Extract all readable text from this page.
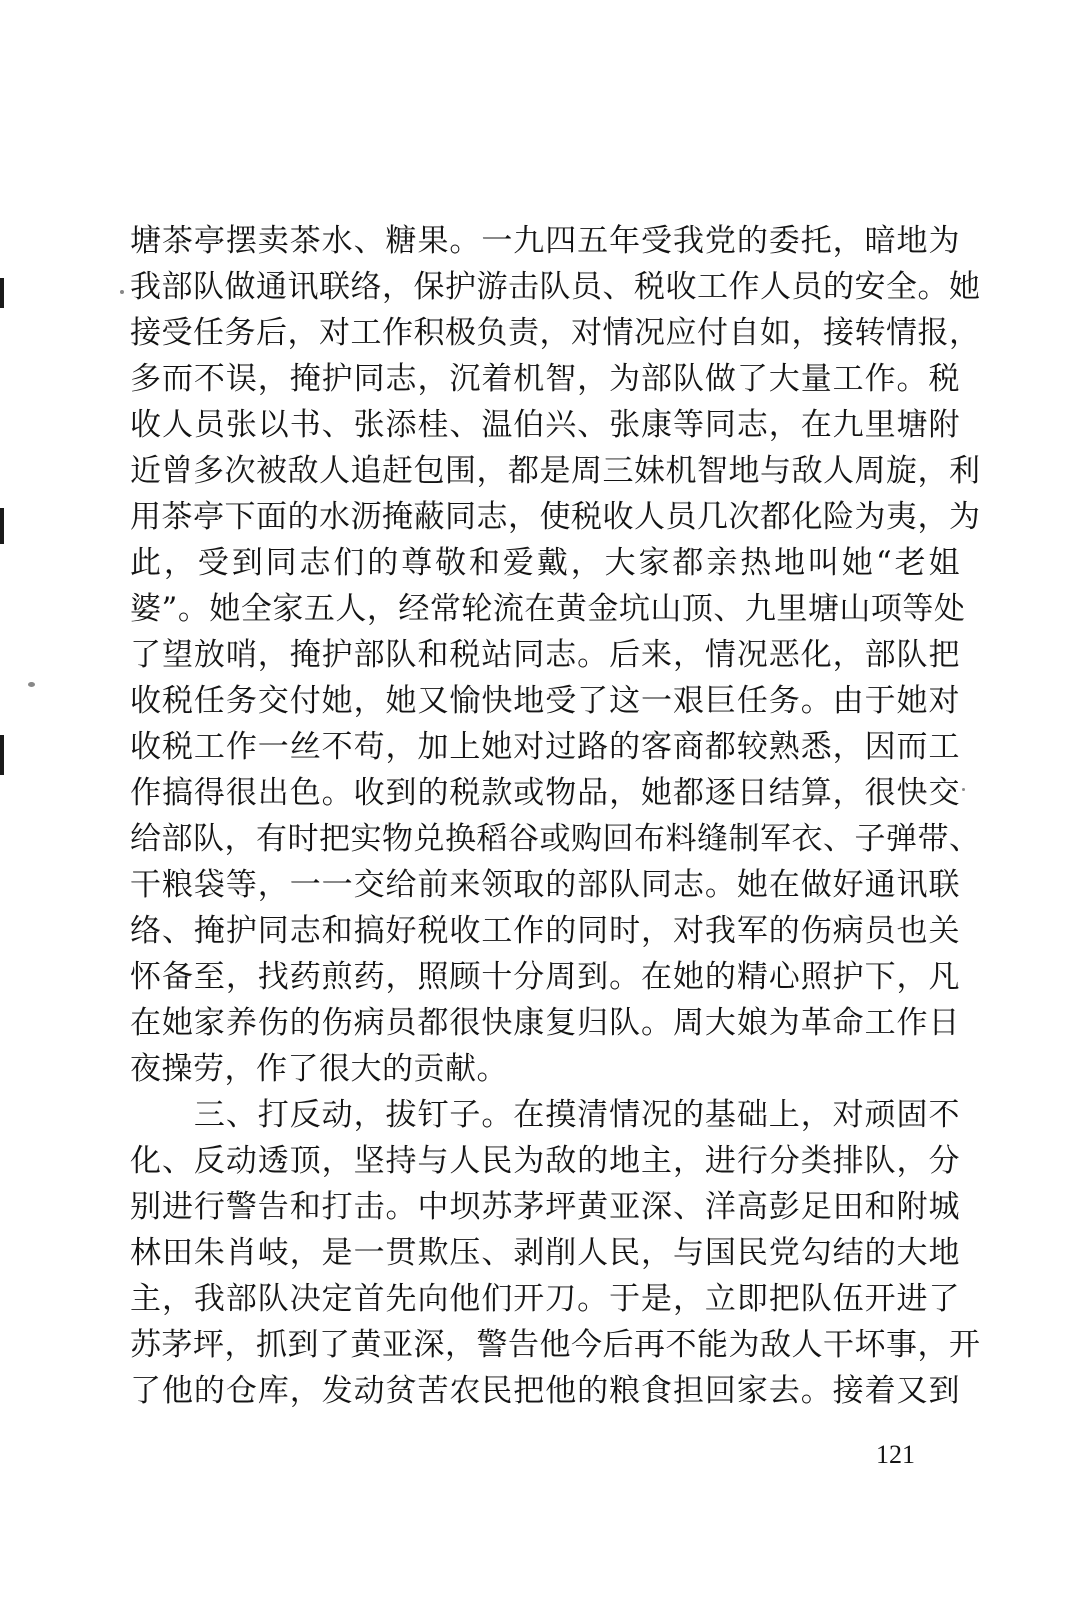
塘茶亭摆卖茶水、糖果。一九四五年受我党的委托，暗地为
我部队做通讯联络，保护游击队员、税收工作人员的安全。她
接受任务后，对工作积极负责，对情况应付自如，接转情报，
多而不误，掩护同志，沉着机智，为部队做了大量工作。税
收人员张以书、张添桂、温伯兴、张康等同志，在九里塘附
近曾多次被敌人追赶包围，都是周三妹机智地与敌人周旋，利
用茶亭下面的水沥掩蔽同志，使税收人员几次都化险为夷，为
此，受到同志们的尊敬和爱戴，大家都亲热地叫她“老姐
婆”。她全家五人，经常轮流在黄金坑山顶、九里塘山项等处
了望放哨，掩护部队和税站同志。后来，情况恶化，部队把
收税任务交付她，她又愉快地受了这一艰巨任务。由于她对
收税工作一丝不苟，加上她对过路的客商都较熟悉，因而工
作搞得很出色。收到的税款或物品，她都逐日结算，很快交
给部队，有时把实物兑换稻谷或购回布料缝制军衣、子弹带、
干粮袋等，一一交给前来领取的部队同志。她在做好通讯联
络、掩护同志和搞好税收工作的同时，对我军的伤病员也关
怀备至，找药煎药，照顾十分周到。在她的精心照护下，凡
在她家养伤的伤病员都很快康复归队。周大娘为革命工作日
夜操劳，作了很大的贡献。
　　三、打反动，拔钉子。在摸清情况的基础上，对顽固不
化、反动透顶，坚持与人民为敌的地主，进行分类排队，分
别进行警告和打击。中坝苏茅坪黄亚深、洋高彭足田和附城
林田朱肖岐，是一贯欺压、剥削人民，与国民党勾结的大地
主，我部队决定首先向他们开刀。于是，立即把队伍开进了
苏茅坪，抓到了黄亚深，警告他今后再不能为敌人干坏事，开
了他的仓库，发动贫苦农民把他的粮食担回家去。接着又到
121
